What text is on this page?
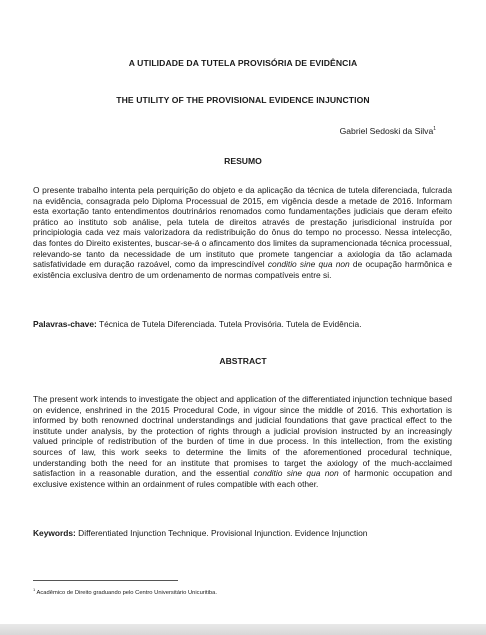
A UTILIDADE DA TUTELA PROVISÓRIA DE EVIDÊNCIA
THE UTILITY OF THE PROVISIONAL EVIDENCE INJUNCTION
Gabriel Sedoski da Silva$^1$
RESUMO

O presente trabalho intenta pela perquirição do objeto e da aplicação da técnica de tutela diferenciada, fulcrada na evidência, consagrada pelo Diploma Processual de 2015, em vigência desde a metade de 2016. Informam esta exortação tanto entendimentos doutrinários renomados como fundamentações judiciais que deram efeito prático ao instituto sob análise, pela tutela de direitos através de prestação jurisdicional instruída por principiologia cada vez mais valorizadora da redistribuição do ônus do tempo no processo. Nessa intelecção, das fontes do Direito existentes, buscar-se-á o afincamento dos limites da supramencionada técnica processual, relevando-se tanto da necessidade de um instituto que promete tangenciar a axiologia da tão aclamada satisfatividade em duração razoável, como da imprescindível conditio sine qua non de ocupação harmônica e existência exclusiva dentro de um ordenamento de normas compatíveis entre si.

Palavras-chave: Técnica de Tutela Diferenciada. Tutela Provisória. Tutela de Evidência.
ABSTRACT

The present work intends to investigate the object and application of the differentiated injunction technique based on evidence, enshrined in the 2015 Procedural Code, in vigour since the middle of 2016. This exhortation is informed by both renowned doctrinal understandings and judicial foundations that gave practical effect to the institute under analysis, by the protection of rights through a judicial provision instructed by an increasingly valued principle of redistribution of the burden of time in due process. In this intellection, from the existing sources of law, this work seeks to determine the limits of the aforementioned procedural technique, understanding both the need for an institute that promises to target the axiology of the much-acclaimed satisfaction in a reasonable duration, and the essential conditio sine qua non of harmonic occupation and exclusive existence within an ordainment of rules compatible with each other.

Keywords: Differentiated Injunction Technique. Provisional Injunction. Evidence Injunction
$^1$ Acadêmico de Direito graduando pelo Centro Universitário Unicuritiba.
